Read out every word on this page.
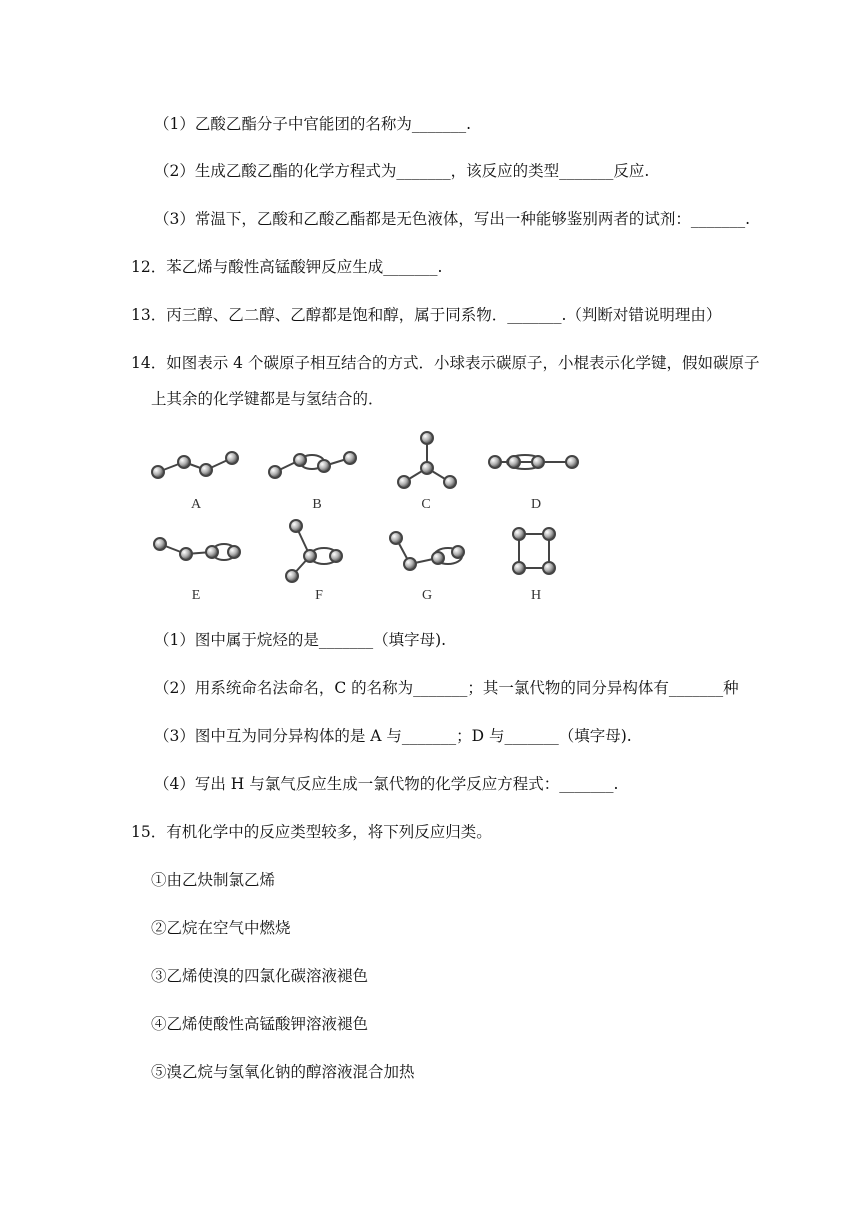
（1）乙酸乙酯分子中官能团的名称为_______.
（2）生成乙酸乙酯的化学方程式为_______，该反应的类型_______反应.
（3）常温下，乙酸和乙酸乙酯都是无色液体，写出一种能够鉴别两者的试剂：_______.
12．苯乙烯与酸性高锰酸钾反应生成_______.
13．丙三醇、乙二醇、乙醇都是饱和醇，属于同系物．_______.（判断对错说明理由）
14．如图表示 4 个碳原子相互结合的方式．小球表示碳原子，小棍表示化学键，假如碳原子
上其余的化学键都是与氢结合的．
A	B	C	D
E	F	G	H
（1）图中属于烷烃的是_______（填字母).
（2）用系统命名法命名，C 的名称为_______；其一氯代物的同分异构体有_______种
（3）图中互为同分异构体的是 A 与_______；D 与_______（填字母).
（4）写出 H 与氯气反应生成一氯代物的化学反应方程式：_______.
15．有机化学中的反应类型较多，将下列反应归类。
①由乙炔制氯乙烯
②乙烷在空气中燃烧
③乙烯使溴的四氯化碳溶液褪色
④乙烯使酸性高锰酸钾溶液褪色
⑤溴乙烷与氢氧化钠的醇溶液混合加热
